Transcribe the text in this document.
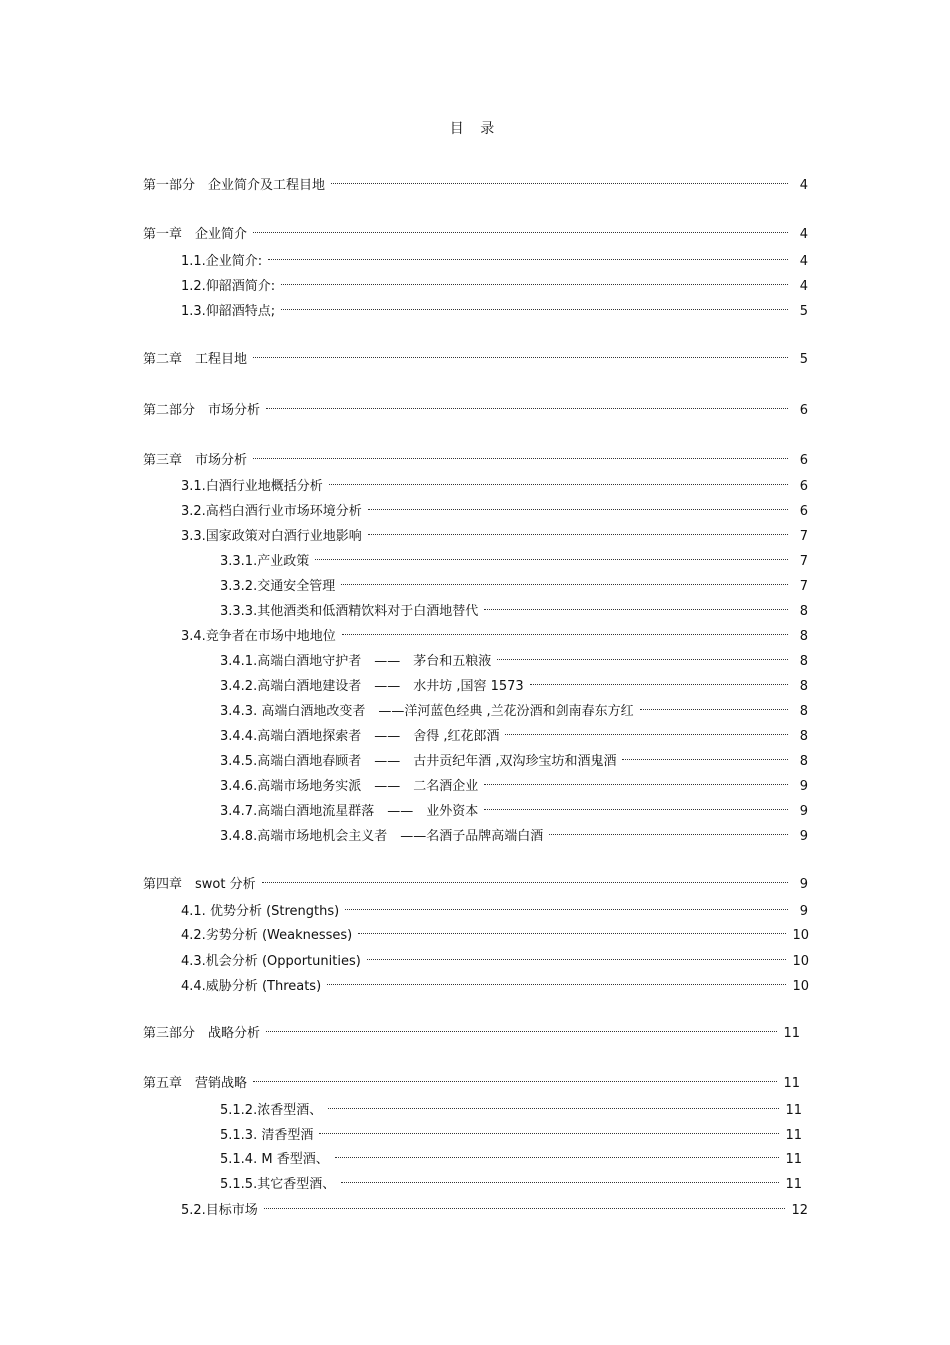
目 录
第一部分　企业简介及工程目地	4
第一章　企业简介	4
1.1.企业简介:	4
1.2.仰韶酒简介:	4
1.3.仰韶酒特点;	5
第二章　工程目地	5
第二部分　市场分析	6
第三章　市场分析	6
3.1.白酒行业地概括分析	6
3.2.高档白酒行业市场环境分析	6
3.3.国家政策对白酒行业地影响	7
3.3.1.产业政策	7
3.3.2.交通安全管理	7
3.3.3.其他酒类和低酒精饮料对于白酒地替代	8
3.4.竞争者在市场中地地位	8
3.4.1.高端白酒地守护者　——　茅台和五粮液	8
3.4.2.高端白酒地建设者　——　水井坊 ,国窖 1573	8
3.4.3. 高端白酒地改变者　——洋河蓝色经典 ,兰花汾酒和剑南春东方红	8
3.4.4.高端白酒地探索者　——　舍得 ,红花郎酒	8
3.4.5.高端白酒地春顾者　——　古井贡纪年酒 ,双沟珍宝坊和酒鬼酒	8
3.4.6.高端市场地务实派　——　二名酒企业	9
3.4.7.高端白酒地流星群落　——　业外资本	9
3.4.8.高端市场地机会主义者　——名酒子品牌高端白酒	9
第四章　swot 分析	9
4.1. 优势分析 (Strengths)	9
4.2.劣势分析 (Weaknesses)	10
4.3.机会分析 (Opportunities)	10
4.4.威胁分析 (Threats)	10
第三部分　战略分析	11
第五章　营销战略	11
5.1.2.浓香型酒、	11
5.1.3. 清香型酒	11
5.1.4. M 香型酒、	11
5.1.5.其它香型酒、	11
5.2.目标市场	12
